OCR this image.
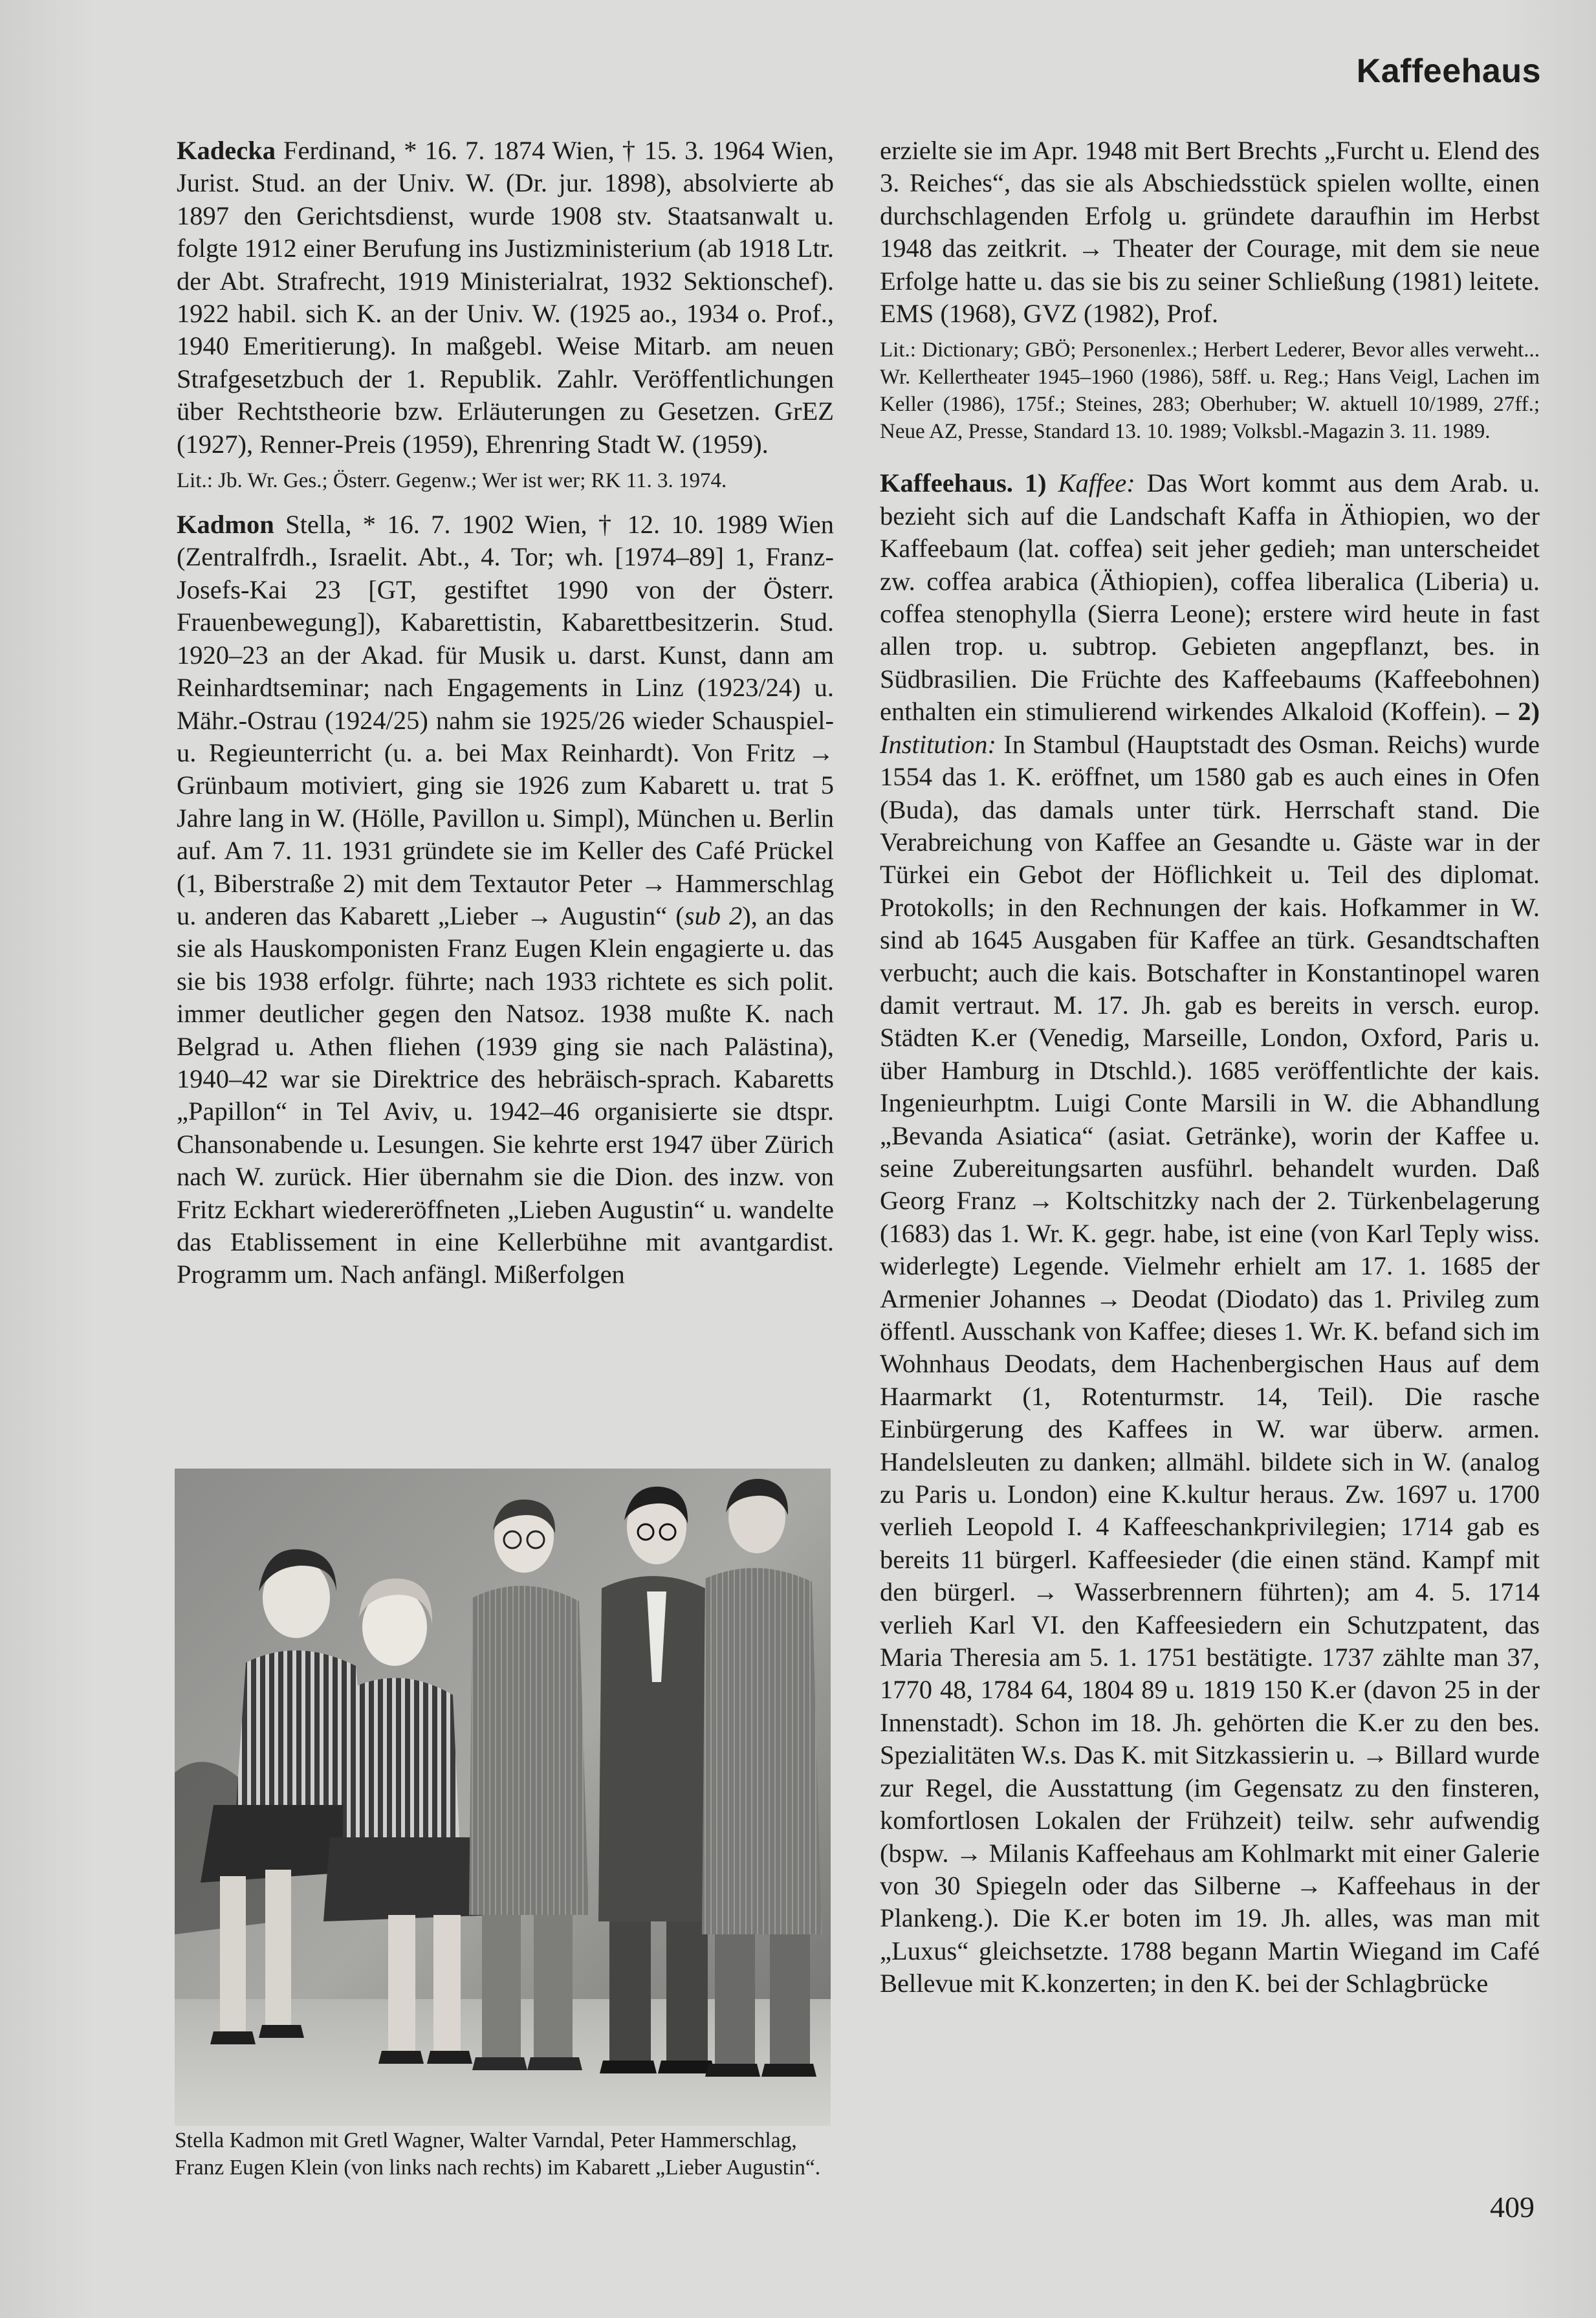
Kaffeehaus

Kadecka Ferdinand, * 16. 7. 1874 Wien, † 15. 3. 1964 Wien, Jurist. Stud. an der Univ. W. (Dr. jur. 1898), absolvierte ab 1897 den Gerichtsdienst, wurde 1908 stv. Staatsanwalt u. folgte 1912 einer Berufung ins Justizministerium (ab 1918 Ltr. der Abt. Strafrecht, 1919 Ministerialrat, 1932 Sektionschef). 1922 habil. sich K. an der Univ. W. (1925 ao., 1934 o. Prof., 1940 Emeritierung). In maßgebl. Weise Mitarb. am neuen Strafgesetzbuch der 1. Republik. Zahlr. Veröffentlichungen über Rechtstheorie bzw. Erläuterungen zu Gesetzen. GrEZ (1927), Renner-Preis (1959), Ehrenring Stadt W. (1959).

Lit.: Jb. Wr. Ges.; Österr. Gegenw.; Wer ist wer; RK 11. 3. 1974.

Kadmon Stella, * 16. 7. 1902 Wien, † 12. 10. 1989 Wien (Zentralfrdh., Israelit. Abt., 4. Tor; wh. [1974–89] 1, Franz-Josefs-Kai 23 [GT, gestiftet 1990 von der Österr. Frauenbewegung]), Kabarettistin, Kabarettbesitzerin. Stud. 1920–23 an der Akad. für Musik u. darst. Kunst, dann am Reinhardtseminar; nach Engagements in Linz (1923/24) u. Mähr.-Ostrau (1924/25) nahm sie 1925/26 wieder Schauspiel- u. Regieunterricht (u. a. bei Max Reinhardt). Von Fritz → Grünbaum motiviert, ging sie 1926 zum Kabarett u. trat 5 Jahre lang in W. (Hölle, Pavillon u. Simpl), München u. Berlin auf. Am 7. 11. 1931 gründete sie im Keller des Café Prückel (1, Biberstraße 2) mit dem Textautor Peter → Hammerschlag u. anderen das Kabarett „Lieber → Augustin“ (sub 2), an das sie als Hauskomponisten Franz Eugen Klein engagierte u. das sie bis 1938 erfolgr. führte; nach 1933 richtete es sich polit. immer deutlicher gegen den Natsoz. 1938 mußte K. nach Belgrad u. Athen fliehen (1939 ging sie nach Palästina), 1940–42 war sie Direktrice des hebräisch-sprach. Kabaretts „Papillon“ in Tel Aviv, u. 1942–46 organisierte sie dtspr. Chansonabende u. Lesungen. Sie kehrte erst 1947 über Zürich nach W. zurück. Hier übernahm sie die Dion. des inzw. von Fritz Eckhart wiedereröffneten „Lieben Augustin“ u. wandelte das Etablissement in eine Kellerbühne mit avantgardist. Programm um. Nach anfängl. Mißerfolgen

Stella Kadmon mit Gretl Wagner, Walter Varndal, Peter Hammerschlag, Franz Eugen Klein (von links nach rechts) im Kabarett „Lieber Augustin“.

erzielte sie im Apr. 1948 mit Bert Brechts „Furcht u. Elend des 3. Reiches“, das sie als Abschiedsstück spielen wollte, einen durchschlagenden Erfolg u. gründete daraufhin im Herbst 1948 das zeitkrit. → Theater der Courage, mit dem sie neue Erfolge hatte u. das sie bis zu seiner Schließung (1981) leitete. EMS (1968), GVZ (1982), Prof.

Lit.: Dictionary; GBÖ; Personenlex.; Herbert Lederer, Bevor alles verweht... Wr. Kellertheater 1945–1960 (1986), 58ff. u. Reg.; Hans Veigl, Lachen im Keller (1986), 175f.; Steines, 283; Oberhuber; W. aktuell 10/1989, 27ff.; Neue AZ, Presse, Standard 13. 10. 1989; Volksbl.-Magazin 3. 11. 1989.

Kaffeehaus. 1) Kaffee: Das Wort kommt aus dem Arab. u. bezieht sich auf die Landschaft Kaffa in Äthiopien, wo der Kaffeebaum (lat. coffea) seit jeher gedieh; man unterscheidet zw. coffea arabica (Äthiopien), coffea liberalica (Liberia) u. coffea stenophylla (Sierra Leone); erstere wird heute in fast allen trop. u. subtrop. Gebieten angepflanzt, bes. in Südbrasilien. Die Früchte des Kaffeebaums (Kaffeebohnen) enthalten ein stimulierend wirkendes Alkaloid (Koffein). – 2) Institution: In Stambul (Hauptstadt des Osman. Reichs) wurde 1554 das 1. K. eröffnet, um 1580 gab es auch eines in Ofen (Buda), das damals unter türk. Herrschaft stand. Die Verabreichung von Kaffee an Gesandte u. Gäste war in der Türkei ein Gebot der Höflichkeit u. Teil des diplomat. Protokolls; in den Rechnungen der kais. Hofkammer in W. sind ab 1645 Ausgaben für Kaffee an türk. Gesandtschaften verbucht; auch die kais. Botschafter in Konstantinopel waren damit vertraut. M. 17. Jh. gab es bereits in versch. europ. Städten K.er (Venedig, Marseille, London, Oxford, Paris u. über Hamburg in Dtschld.). 1685 veröffentlichte der kais. Ingenieurhptm. Luigi Conte Marsili in W. die Abhandlung „Bevanda Asiatica“ (asiat. Getränke), worin der Kaffee u. seine Zubereitungsarten ausführl. behandelt wurden. Daß Georg Franz → Koltschitzky nach der 2. Türkenbelagerung (1683) das 1. Wr. K. gegr. habe, ist eine (von Karl Teply wiss. widerlegte) Legende. Vielmehr erhielt am 17. 1. 1685 der Armenier Johannes → Deodat (Diodato) das 1. Privileg zum öffentl. Ausschank von Kaffee; dieses 1. Wr. K. befand sich im Wohnhaus Deodats, dem Hachenbergischen Haus auf dem Haarmarkt (1, Rotenturmstr. 14, Teil). Die rasche Einbürgerung des Kaffees in W. war überw. armen. Handelsleuten zu danken; allmähl. bildete sich in W. (analog zu Paris u. London) eine K.kultur heraus. Zw. 1697 u. 1700 verlieh Leopold I. 4 Kaffeeschankprivilegien; 1714 gab es bereits 11 bürgerl. Kaffeesieder (die einen ständ. Kampf mit den bürgerl. → Wasserbrennern führten); am 4. 5. 1714 verlieh Karl VI. den Kaffeesiedern ein Schutzpatent, das Maria Theresia am 5. 1. 1751 bestätigte. 1737 zählte man 37, 1770 48, 1784 64, 1804 89 u. 1819 150 K.er (davon 25 in der Innenstadt). Schon im 18. Jh. gehörten die K.er zu den bes. Spezialitäten W.s. Das K. mit Sitzkassierin u. → Billard wurde zur Regel, die Ausstattung (im Gegensatz zu den finsteren, komfortlosen Lokalen der Frühzeit) teilw. sehr aufwendig (bspw. → Milanis Kaffeehaus am Kohlmarkt mit einer Galerie von 30 Spiegeln oder das Silberne → Kaffeehaus in der Plankeng.). Die K.er boten im 19. Jh. alles, was man mit „Luxus“ gleichsetzte. 1788 begann Martin Wiegand im Café Bellevue mit K.konzerten; in den K. bei der Schlagbrücke

409
